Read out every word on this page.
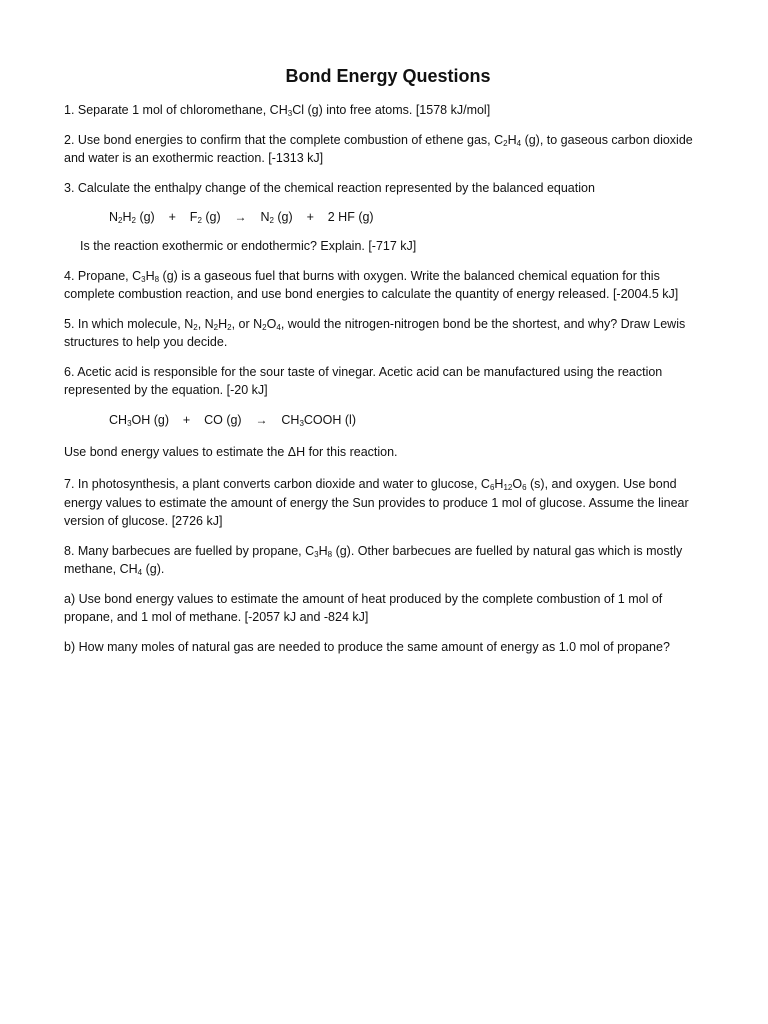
Bond Energy Questions

1. Separate 1 mol of chloromethane, $CH_3Cl$ (g) into free atoms. [1578 kJ/mol]

2. Use bond energies to confirm that the complete combustion of ethene gas, $C_2H_4$ (g), to gaseous carbon dioxide and water is an exothermic reaction. [-1313 kJ]

3. Calculate the enthalpy change of the chemical reaction represented by the balanced equation

$N_2H_2$ (g)    +    $F_2$ (g)    →    $N_2$ (g)    +    2 HF (g)

Is the reaction exothermic or endothermic? Explain. [-717 kJ]

4. Propane, $C_3H_8$ (g) is a gaseous fuel that burns with oxygen. Write the balanced chemical equation for this complete combustion reaction, and use bond energies to calculate the quantity of energy released. [-2004.5 kJ]

5. In which molecule, $N_2$, $N_2H_2$, or $N_2O_4$, would the nitrogen-nitrogen bond be the shortest, and why? Draw Lewis structures to help you decide.

6. Acetic acid is responsible for the sour taste of vinegar. Acetic acid can be manufactured using the reaction represented by the equation. [-20 kJ]

$CH_3OH$ (g)    +    CO (g)    →    $CH_3COOH$ (l)

Use bond energy values to estimate the ΔH for this reaction.

7. In photosynthesis, a plant converts carbon dioxide and water to glucose, $C_6H_{12}O_6$ (s), and oxygen. Use bond energy values to estimate the amount of energy the Sun provides to produce 1 mol of glucose. Assume the linear version of glucose. [2726 kJ]

8. Many barbecues are fuelled by propane, $C_3H_8$ (g). Other barbecues are fuelled by natural gas which is mostly methane, $CH_4$ (g).

a) Use bond energy values to estimate the amount of heat produced by the complete combustion of 1 mol of propane, and 1 mol of methane. [-2057 kJ and -824 kJ]

b) How many moles of natural gas are needed to produce the same amount of energy as 1.0 mol of propane?
